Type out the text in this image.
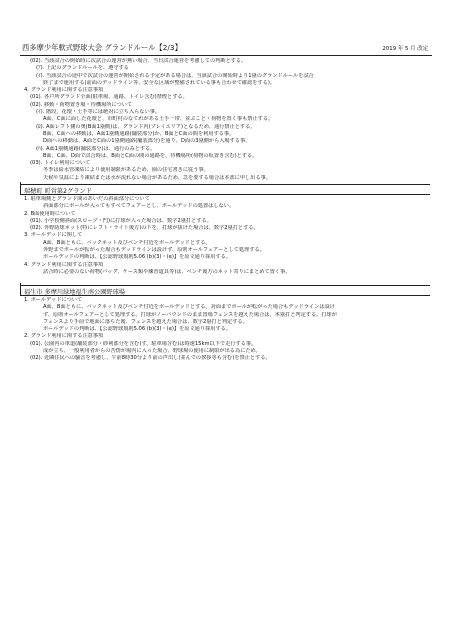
西多摩少年軟式野球大会 グランドルール【2/3】	2019 年 5 月 改定
(02). 当該試合の開始時に次試合の運営が無い場合、当日試合運営を考慮しての判断とする。
(ｱ). 上記のグランドルールを、遵守する
(ｲ). 当該試合の途中で次試合の運営が開始される予定がある場合は、当該試合の開始時より1塁のグランドルールを試合
終了まで運用する(前面のデッドライン等、安全な区域が整備されている事も合わせて確認をする)。
4. グランド利用に関する注意事項
(01). 各戸所グランド全面(駐車場、通路、トイレ含む)禁煙とする。
(02). 移動・荷物置き場・待機場所について
(ｲ). 階段、花壇・土手等には絶対に立ち入らない事。
A面、C面に面した花壇と、市町村のなてれがある土手一帯、並ぶこと・荷物を置く事も禁止する。
(ﾛ). A面レフト側の奥(B面1塁側)は、グランド内(プレイエリア)となるため、通行禁止とする。
B面、C面への移動は、A面1塁側通路(舗装部分)か、B面とC面の間を利用する事。
D面への移動は、A面とC面の1塁側通路(舗装部分)を通り、D面の3塁側から入場する事。
(ﾊ). A面1塁側通路(舗装部分)は、通行のみとする。
B面、C面、D面で試合時は、B面とC面の間の通路を、待機場所(荷物の仮置き含む)とする。
(03). トイレ利用について
冬季は給水管凍結により使用制限があるため、園の住宅書きに従う事。
天候や気温により凍結または水が流れない場合があるため、急を要する場合は本部に申し出る事。
瑞穂町 町営第2グランド
1. 駐車場側とグランド間のあいだの斜面部分について
斜面部分にボールが入ってもすべてフェアーとし、ボールデッドの処置はしない。
2. B面使用時について
(01). 小学校側斜面(スロープ・門)に打球が入った場合は、数字2塁打とする。
(02). 外野防球ネット(特にレフト・ライト後方)の下を、打球が抜けた場合は、数字2塁打とする。
3. ボールデッドに関して
A面、B面ともに、バックネット及びベンチ付近をボールデッドとする。
外野までボールが転がった場合もデッドラインは設けず、原則オールフェアーとして処理する。
ボールデッドの判断は、【公認野球規則5.06 (b)(3)・(e)】を原文通り採用する。
4. グランド利用に関する注意事項
試合時に必要のない荷物(バッグ、ケース類や練習道具等)は、ベンチ後方のネット寄りにまとめて置く事。
福生市 多摩川緑地福生南公園野球場
1. ボールデッドについて
A面、B面ともに、バックネット及びベンチ付近をボールデッドとする。対面までボールが転がった場合もデッドラインは設け
ず、原則オールフェアーとして処理する。打球がノーバウンドのまま置場フェンスを越えた場合は、本塁打と判定する。打球が
フェンスより手前で地面に落ちた後、フェンスを越えた場合は、数字2塁打と判定する。
ボールデッドの判断は、【公認野球規則5.06 (b)(3)・(e)】を原文通り採用する。
2. グランド利用に関する注意事項
(01). 公園内の車道(舗装部分・砂利部分を含む)す、駐車場含む)は時速15km以下で走行する事。
成が立ち、一般利用者からの苦情が場内に入った場合、野球場の使用に制限が出る為にため。
(02). 近隣住民への騒音を考慮し、午前8時30分より前の声出し(並んでの挨拶等も含む)を禁止とする。
